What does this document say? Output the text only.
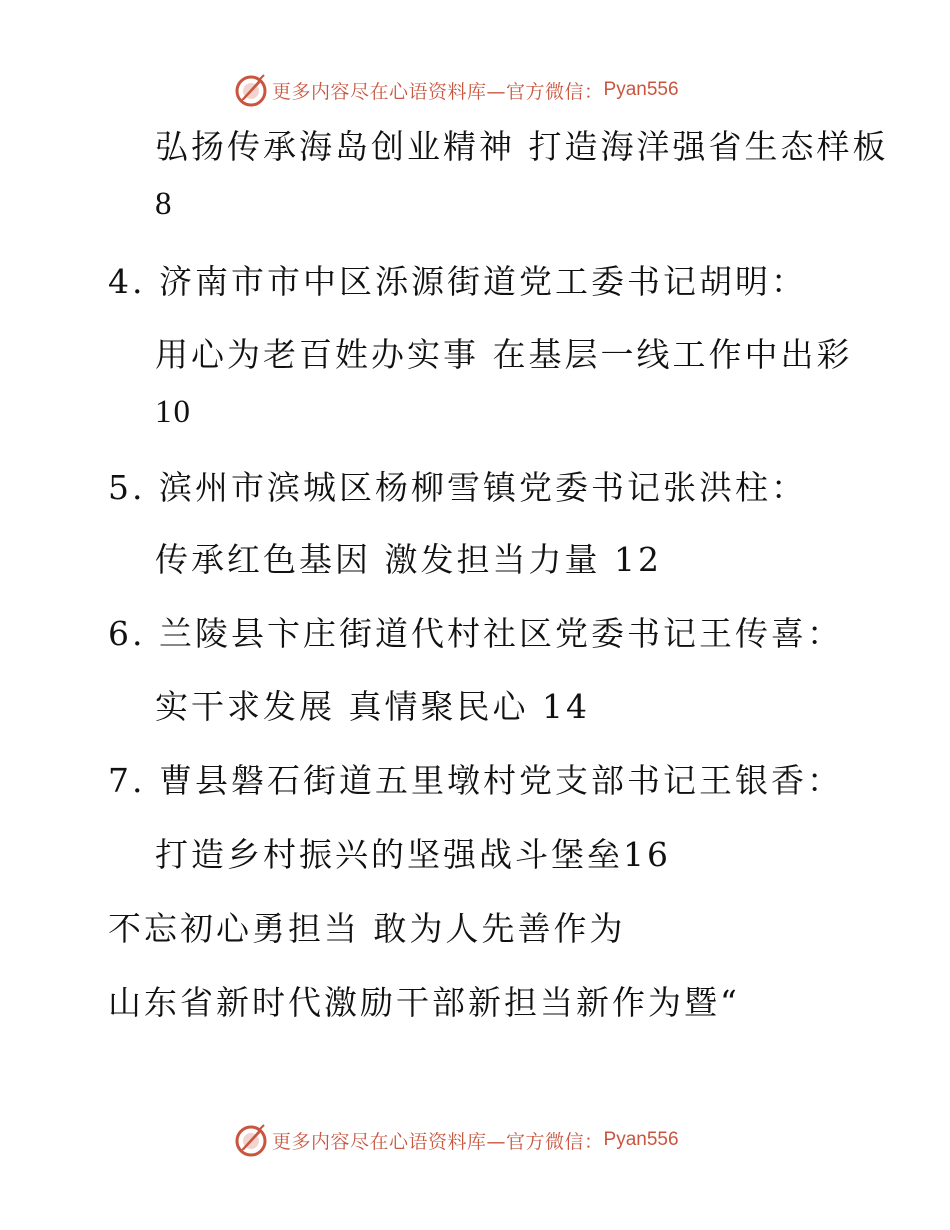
更多内容尽在心语资料库—官方微信： Pyan556

弘扬传承海岛创业精神 打造海洋强省生态样板

8

4. 济南市市中区泺源街道党工委书记胡明：

用心为老百姓办实事 在基层一线工作中出彩

10

5. 滨州市滨城区杨柳雪镇党委书记张洪柱：

传承红色基因 激发担当力量 12

6. 兰陵县卞庄街道代村社区党委书记王传喜：

实干求发展 真情聚民心 14

7. 曹县磐石街道五里墩村党支部书记王银香：

打造乡村振兴的坚强战斗堡垒16

不忘初心勇担当 敢为人先善作为

山东省新时代激励干部新担当新作为暨“

更多内容尽在心语资料库—官方微信： Pyan556
